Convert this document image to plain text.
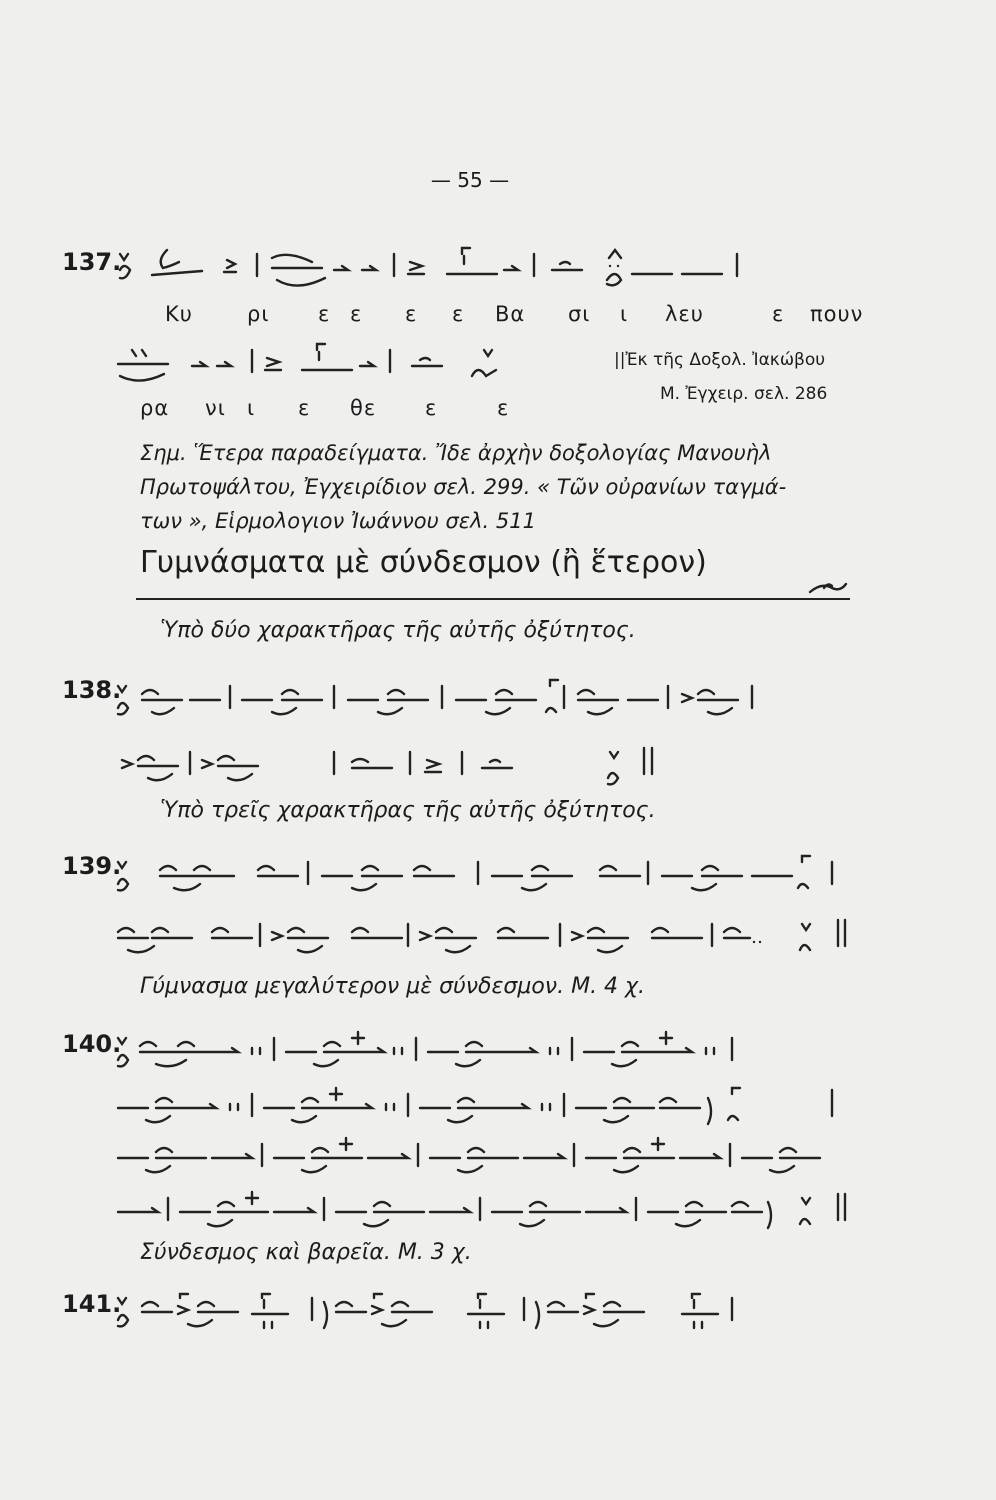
— 55 —
137.
Κυ	ρι ε ε ε ε Βα σι ι λευ	ε πουν
||Ἐκ τῆς Δοξολ. Ἰακώβου
Μ. Ἐγχειρ. σελ. 286
ρα νι ι ε θε ε	ε

Σημ. Ἕτερα παραδείγματα. Ἴδε ἀρχὴν δοξολογίας Μανουὴλ

Πρωτοψάλτου, Ἐγχειρίδιον σελ. 299. « Τῶν οὐρανίων ταγμά-

των », Εἱρμολογιον Ἰωάννου σελ. 511

Γυμνάσματα μὲ σύνδεσμον (ἢ ἕτερον)
Ὑπὸ δύο χαρακτῆρας τῆς αὐτῆς ὀξύτητος.
138.
Ὑπὸ τρεῖς χαρακτῆρας τῆς αὐτῆς ὀξύτητος.
139.
Γύμνασμα μεγαλύτερον μὲ σύνδεσμον. Μ. 4 χ.
140.
Σύνδεσμος καὶ βαρεῖα. Μ. 3 χ.
141.
